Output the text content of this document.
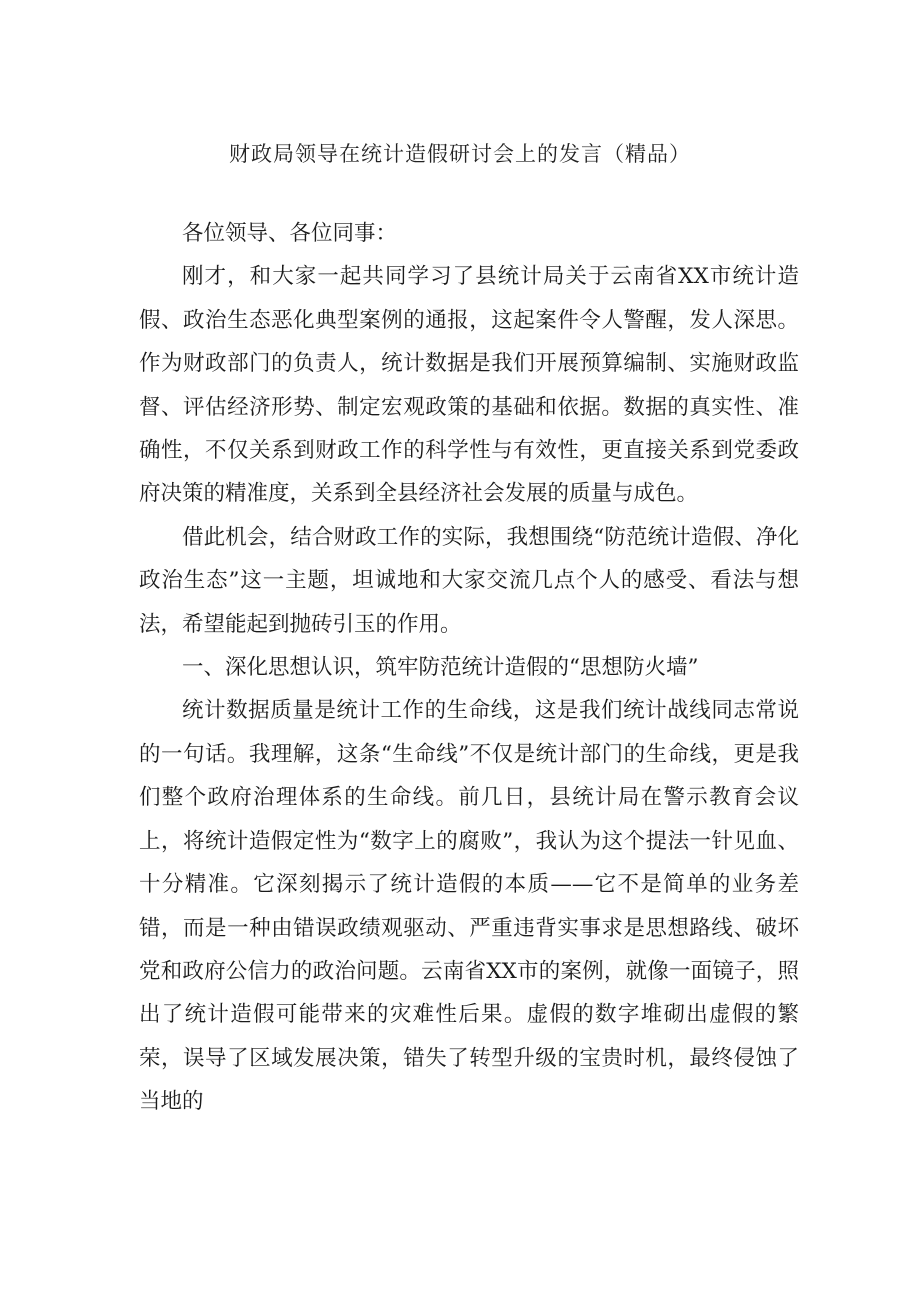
财政局领导在统计造假研讨会上的发言（精品）

各位领导、各位同事：

刚才，和大家一起共同学习了县统计局关于云南省XX市统计造假、政治生态恶化典型案例的通报，这起案件令人警醒，发人深思。作为财政部门的负责人，统计数据是我们开展预算编制、实施财政监督、评估经济形势、制定宏观政策的基础和依据。数据的真实性、准确性，不仅关系到财政工作的科学性与有效性，更直接关系到党委政府决策的精准度，关系到全县经济社会发展的质量与成色。

借此机会，结合财政工作的实际，我想围绕“防范统计造假、净化政治生态”这一主题，坦诚地和大家交流几点个人的感受、看法与想法，希望能起到抛砖引玉的作用。

一、深化思想认识，筑牢防范统计造假的“思想防火墙”

统计数据质量是统计工作的生命线，这是我们统计战线同志常说的一句话。我理解，这条“生命线”不仅是统计部门的生命线，更是我们整个政府治理体系的生命线。前几日，县统计局在警示教育会议上，将统计造假定性为“数字上的腐败”，我认为这个提法一针见血、十分精准。它深刻揭示了统计造假的本质——它不是简单的业务差错，而是一种由错误政绩观驱动、严重违背实事求是思想路线、破坏党和政府公信力的政治问题。云南省XX市的案例，就像一面镜子，照出了统计造假可能带来的灾难性后果。虚假的数字堆砌出虚假的繁荣，误导了区域发展决策，错失了转型升级的宝贵时机，最终侵蚀了当地的
